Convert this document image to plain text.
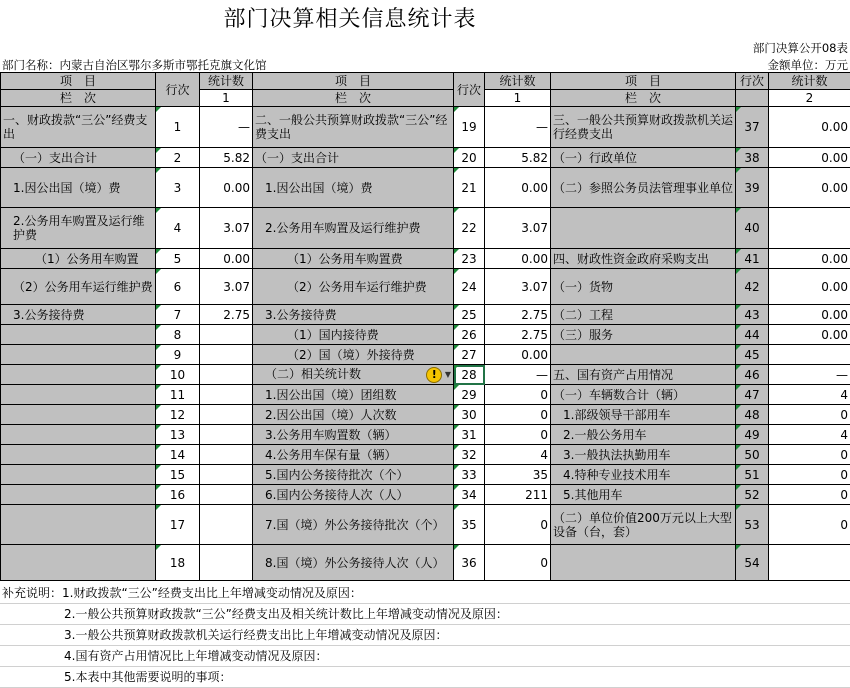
部门决算相关信息统计表
部门决算公开08表
部门名称：内蒙古自治区鄂尔多斯市鄂托克旗文化馆	金额单位：万元
项　目	行次	统计数	项　目	行次	统计数	项　目	行次	统计数
栏　次		1	栏　次		1	栏　次		2
一、财政拨款“三公”经费支出	1	—	二、一般公共预算财政拨款“三公”经费支出	19	—	三、一般公共预算财政拨款机关运行经费支出	37	0.00
（一）支出合计	2	5.82	（一）支出合计	20	5.82	（一）行政单位	38	0.00
1.因公出国（境）费	3	0.00	1.因公出国（境）费	21	0.00	（二）参照公务员法管理事业单位	39	0.00
2.公务用车购置及运行维护费	4	3.07	2.公务用车购置及运行维护费	22	3.07		40	
（1）公务用车购置	5	0.00	（1）公务用车购置费	23	0.00	四、财政性资金政府采购支出	41	0.00
（2）公务用车运行维护费	6	3.07	（2）公务用车运行维护费	24	3.07	（一）货物	42	0.00
3.公务接待费	7	2.75	3.公务接待费	25	2.75	（二）工程	43	0.00
	8		（1）国内接待费	26	2.75	（三）服务	44	0.00
	9		（2）国（境）外接待费	27	0.00		45	
	10		（二）相关统计数 ! ▼	28	—	五、国有资产占用情况	46	—
	11		1.因公出国（境）团组数	29	0	（一）车辆数合计（辆）	47	4
	12		2.因公出国（境）人次数	30	0	1.部级领导干部用车	48	0
	13		3.公务用车购置数（辆）	31	0	2.一般公务用车	49	4
	14		4.公务用车保有量（辆）	32	4	3.一般执法执勤用车	50	0
	15		5.国内公务接待批次（个）	33	35	4.特种专业技术用车	51	0
	16		6.国内公务接待人次（人）	34	211	5.其他用车	52	0
	17		7.国（境）外公务接待批次（个）	35	0	（二）单位价值200万元以上大型设备（台，套）	53	0
	18		8.国（境）外公务接待人次（人）	36	0		54	
补充说明：1.财政拨款“三公”经费支出比上年增减变动情况及原因：
2.一般公共预算财政拨款“三公”经费支出及相关统计数比上年增减变动情况及原因：
3.一般公共预算财政拨款机关运行经费支出比上年增减变动情况及原因：
4.国有资产占用情况比上年增减变动情况及原因：
5.本表中其他需要说明的事项：
